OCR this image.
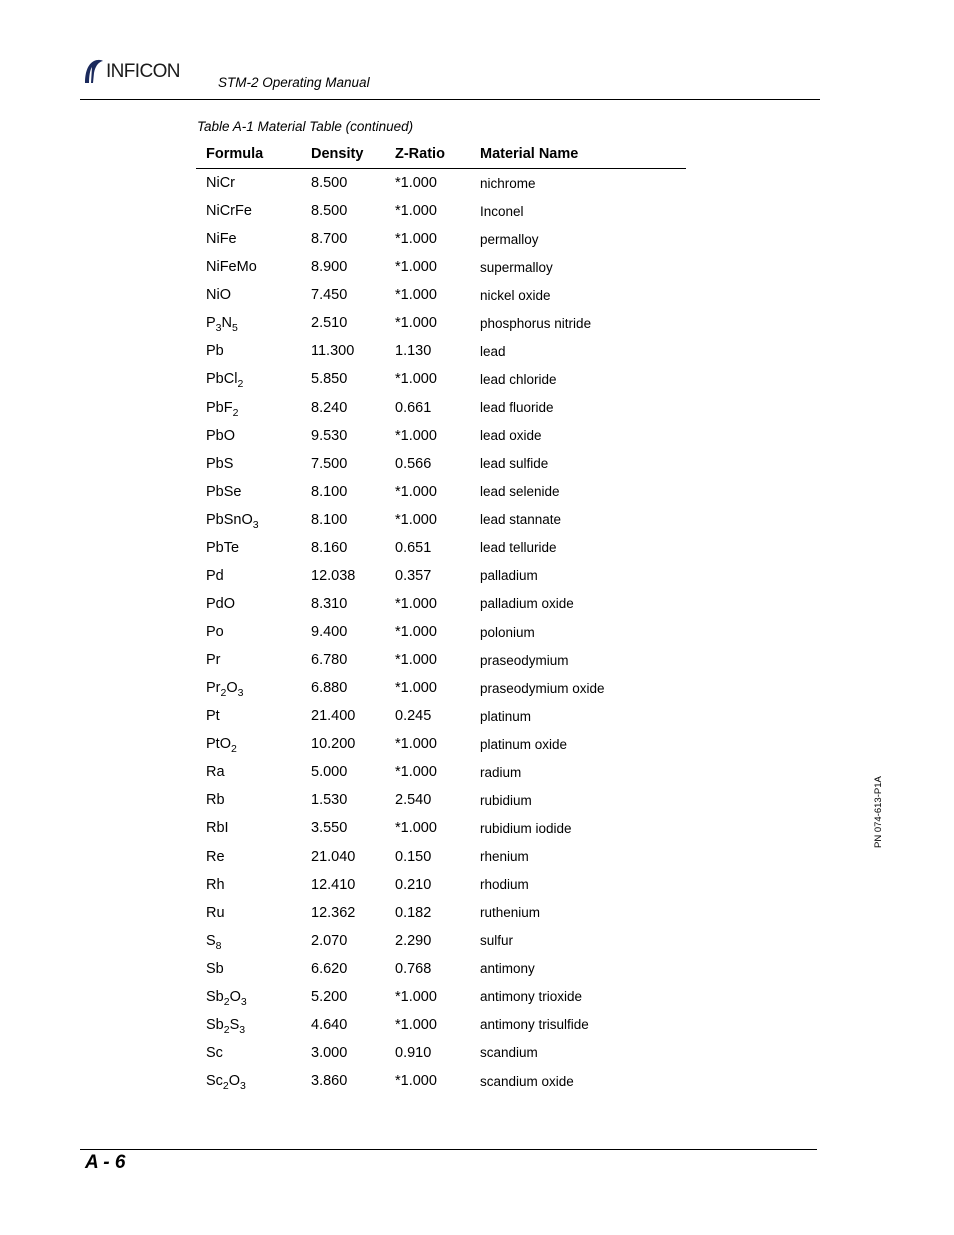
INFICON
STM-2 Operating Manual
Table A-1 Material Table (continued)
Formula	Density	Z-Ratio	Material Name
NiCr	8.500	*1.000	nichrome
NiCrFe	8.500	*1.000	Inconel
NiFe	8.700	*1.000	permalloy
NiFeMo	8.900	*1.000	supermalloy
NiO	7.450	*1.000	nickel oxide
$P_3N_5$	2.510	*1.000	phosphorus nitride
Pb	11.300	1.130	lead
PbCl$_2$	5.850	*1.000	lead chloride
PbF$_2$	8.240	0.661	lead fluoride
PbO	9.530	*1.000	lead oxide
PbS	7.500	0.566	lead sulfide
PbSe	8.100	*1.000	lead selenide
PbSnO$_3$	8.100	*1.000	lead stannate
PbTe	8.160	0.651	lead telluride
Pd	12.038	0.357	palladium
PdO	8.310	*1.000	palladium oxide
Po	9.400	*1.000	polonium
Pr	6.780	*1.000	praseodymium
$Pr_2O_3$	6.880	*1.000	praseodymium oxide
Pt	21.400	0.245	platinum
PtO$_2$	10.200	*1.000	platinum oxide
Ra	5.000	*1.000	radium
Rb	1.530	2.540	rubidium
RbI	3.550	*1.000	rubidium iodide
Re	21.040	0.150	rhenium
Rh	12.410	0.210	rhodium
Ru	12.362	0.182	ruthenium
$S_8$	2.070	2.290	sulfur
Sb	6.620	0.768	antimony
$Sb_2O_3$	5.200	*1.000	antimony trioxide
$Sb_2S_3$	4.640	*1.000	antimony trisulfide
Sc	3.000	0.910	scandium
$Sc_2O_3$	3.860	*1.000	scandium oxide
A - 6
PN 074-613-P1A
